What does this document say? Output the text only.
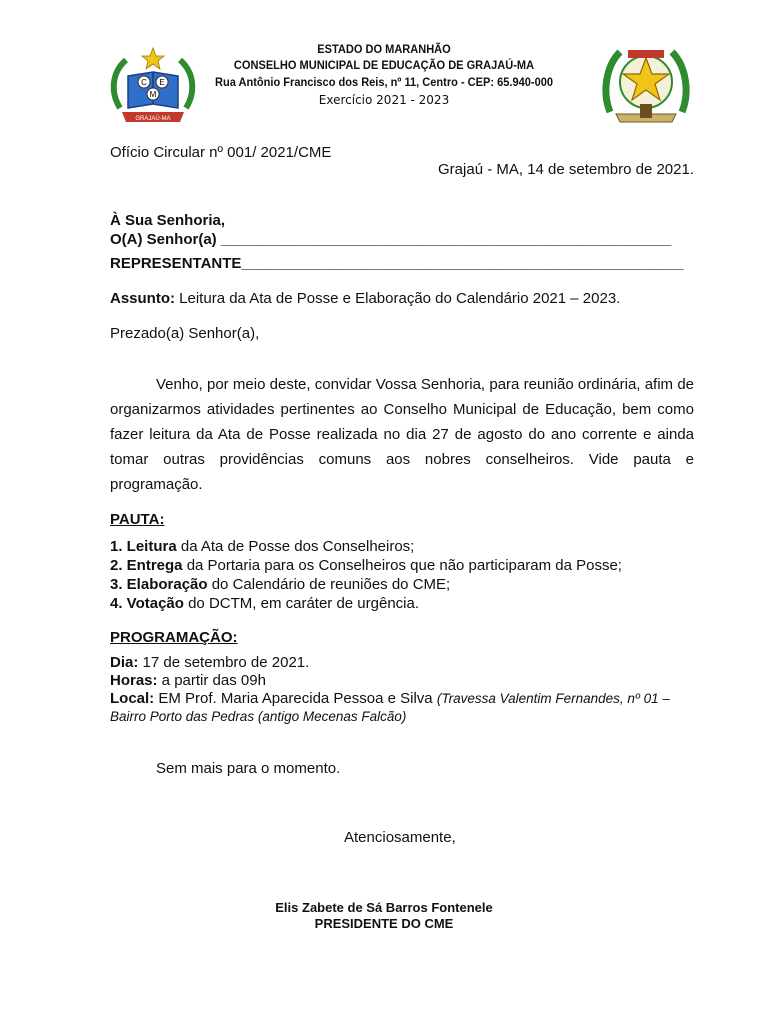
C E
M
GRAJAÚ-MA
ESTADO DO MARANHÃO
CONSELHO MUNICIPAL DE EDUCAÇÃO DE GRAJAÚ-MA
Rua Antônio Francisco dos Reis, nº 11, Centro - CEP: 65.940-000
Exercício 2021 - 2023
Ofício Circular nº 001/ 2021/CME
Grajaú - MA, 14 de setembro de 2021.
À Sua Senhoria,
O(A) Senhor(a) ______________________________________________________
REPRESENTANTE_____________________________________________________
Assunto: Leitura da Ata de Posse e Elaboração do Calendário 2021 – 2023.
Prezado(a) Senhor(a),
Venho, por meio deste, convidar Vossa Senhoria, para reunião ordinária, afim de organizarmos atividades pertinentes ao Conselho Municipal de Educação, bem como fazer leitura da Ata de Posse realizada no dia 27 de agosto do ano corrente e ainda tomar outras providências comuns aos nobres conselheiros. Vide pauta e programação.
PAUTA:
1. Leitura da Ata de Posse dos Conselheiros;
2. Entrega da Portaria para os Conselheiros que não participaram da Posse;
3. Elaboração do Calendário de reuniões do CME;
4. Votação do DCTM, em caráter de urgência.
PROGRAMAÇÃO:
Dia: 17 de setembro de 2021.
Horas: a partir das 09h
Local: EM Prof. Maria Aparecida Pessoa e Silva (Travessa Valentim Fernandes, nº 01 –
Bairro Porto das Pedras (antigo Mecenas Falcão)
Sem mais para o momento.
Atenciosamente,
Elis Zabete de Sá Barros Fontenele
PRESIDENTE DO CME
